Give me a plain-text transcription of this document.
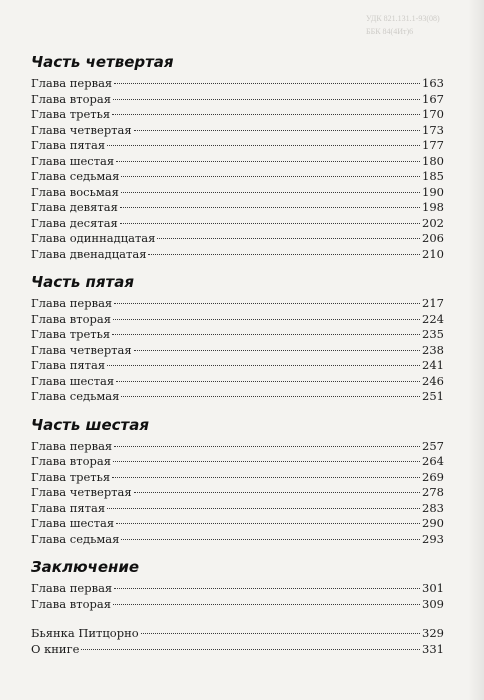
УДК 821.131.1-93(08)
ББК 84(4Ит)6
Часть четвертая
Глава первая	163
Глава вторая	167
Глава третья	170
Глава четвертая	173
Глава пятая	177
Глава шестая	180
Глава седьмая	185
Глава восьмая	190
Глава девятая	198
Глава десятая	202
Глава одиннадцатая	206
Глава двенадцатая	210
Часть пятая
Глава первая	217
Глава вторая	224
Глава третья	235
Глава четвертая	238
Глава пятая	241
Глава шестая	246
Глава седьмая	251
Часть шестая
Глава первая	257
Глава вторая	264
Глава третья	269
Глава четвертая	278
Глава пятая	283
Глава шестая	290
Глава седьмая	293
Заключение
Глава первая	301
Глава вторая	309
Бьянка Питцорно	329
О книге	331
